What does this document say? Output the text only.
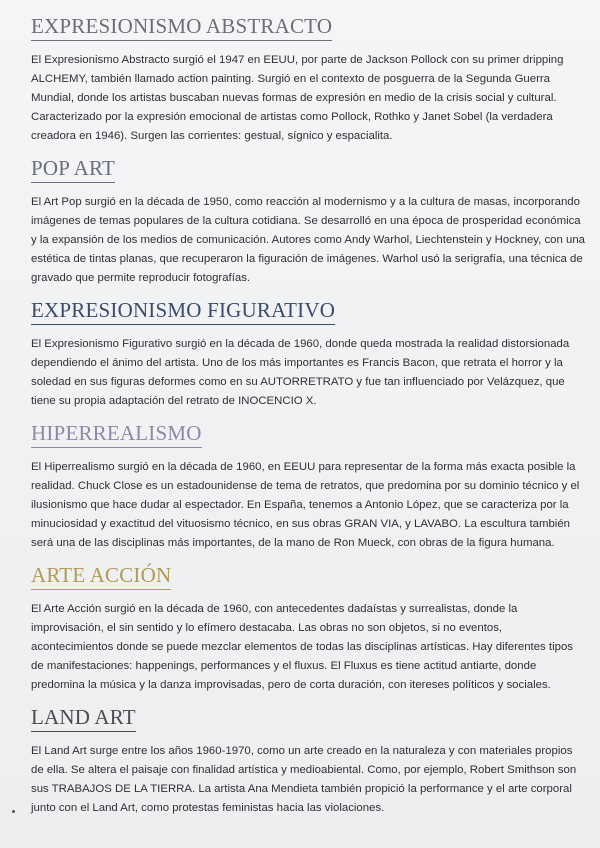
EXPRESIONISMO ABSTRACTO

El Expresionismo Abstracto surgió el 1947 en EEUU, por parte de Jackson Pollock con su primer dripping ALCHEMY, también llamado action painting. Surgió en el contexto de posguerra de la Segunda Guerra Mundial, donde los artistas buscaban nuevas formas de expresión en medio de la crisis social y cultural. Caracterizado por la expresión emocional de artistas como Pollock, Rothko y Janet Sobel (la verdadera creadora en 1946). Surgen las corrientes: gestual, sígnico y espacialita.

POP ART

El Art Pop surgió en la década de 1950, como reacción al modernismo y a la cultura de masas, incorporando imágenes de temas populares de la cultura cotidiana. Se desarrolló en una época de prosperidad económica y la expansión de los medios de comunicación. Autores como Andy Warhol, Liechtenstein y Hockney, con una estética de tintas planas, que recuperaron la figuración de imágenes. Warhol usó la serigrafía, una técnica de gravado que permite reproducir fotografías.

EXPRESIONISMO FIGURATIVO

El Expresionismo Figurativo surgió en la década de 1960, donde queda mostrada la realidad distorsionada dependiendo el ánimo del artista. Uno de los más importantes es Francis Bacon, que retrata el horror y la soledad en sus figuras deformes como en su AUTORRETRATO y fue tan influenciado por Velázquez, que tiene su propia adaptación del retrato de INOCENCIO X.

HIPERREALISMO

El Hiperrealismo surgió en la década de 1960, en EEUU para representar de la forma más exacta posible la realidad. Chuck Close es un estadounidense de tema de retratos, que predomina por su dominio técnico y el ilusionismo que hace dudar al espectador. En España, tenemos a Antonio López, que se caracteriza por la minuciosidad y exactitud del vituosismo técnico, en sus obras GRAN VIA, y LAVABO. La escultura también será una de las disciplinas más importantes, de la mano de Ron Mueck, con obras de la figura humana.

ARTE ACCIÓN

El Arte Acción surgió en la década de 1960, con antecedentes dadaístas y surrealistas, donde la improvisación, el sin sentido y lo efímero destacaba. Las obras no son objetos, si no eventos, acontecimientos donde se puede mezclar elementos de todas las disciplinas artísticas. Hay diferentes tipos de manifestaciones: happenings, performances y el fluxus. El Fluxus es tiene actitud antiarte, donde predomina la música y la danza improvisadas, pero de corta duración, con itereses políticos y sociales.

LAND ART

El Land Art surge entre los años 1960-1970, como un arte creado en la naturaleza y con materiales propios de ella. Se altera el paisaje con finalidad artística y medioabiental. Como, por ejemplo, Robert Smithson son sus TRABAJOS DE LA TIERRA. La artista Ana Mendieta también propició la performance y el arte corporal junto con el Land Art, como protestas feministas hacia las violaciones.
